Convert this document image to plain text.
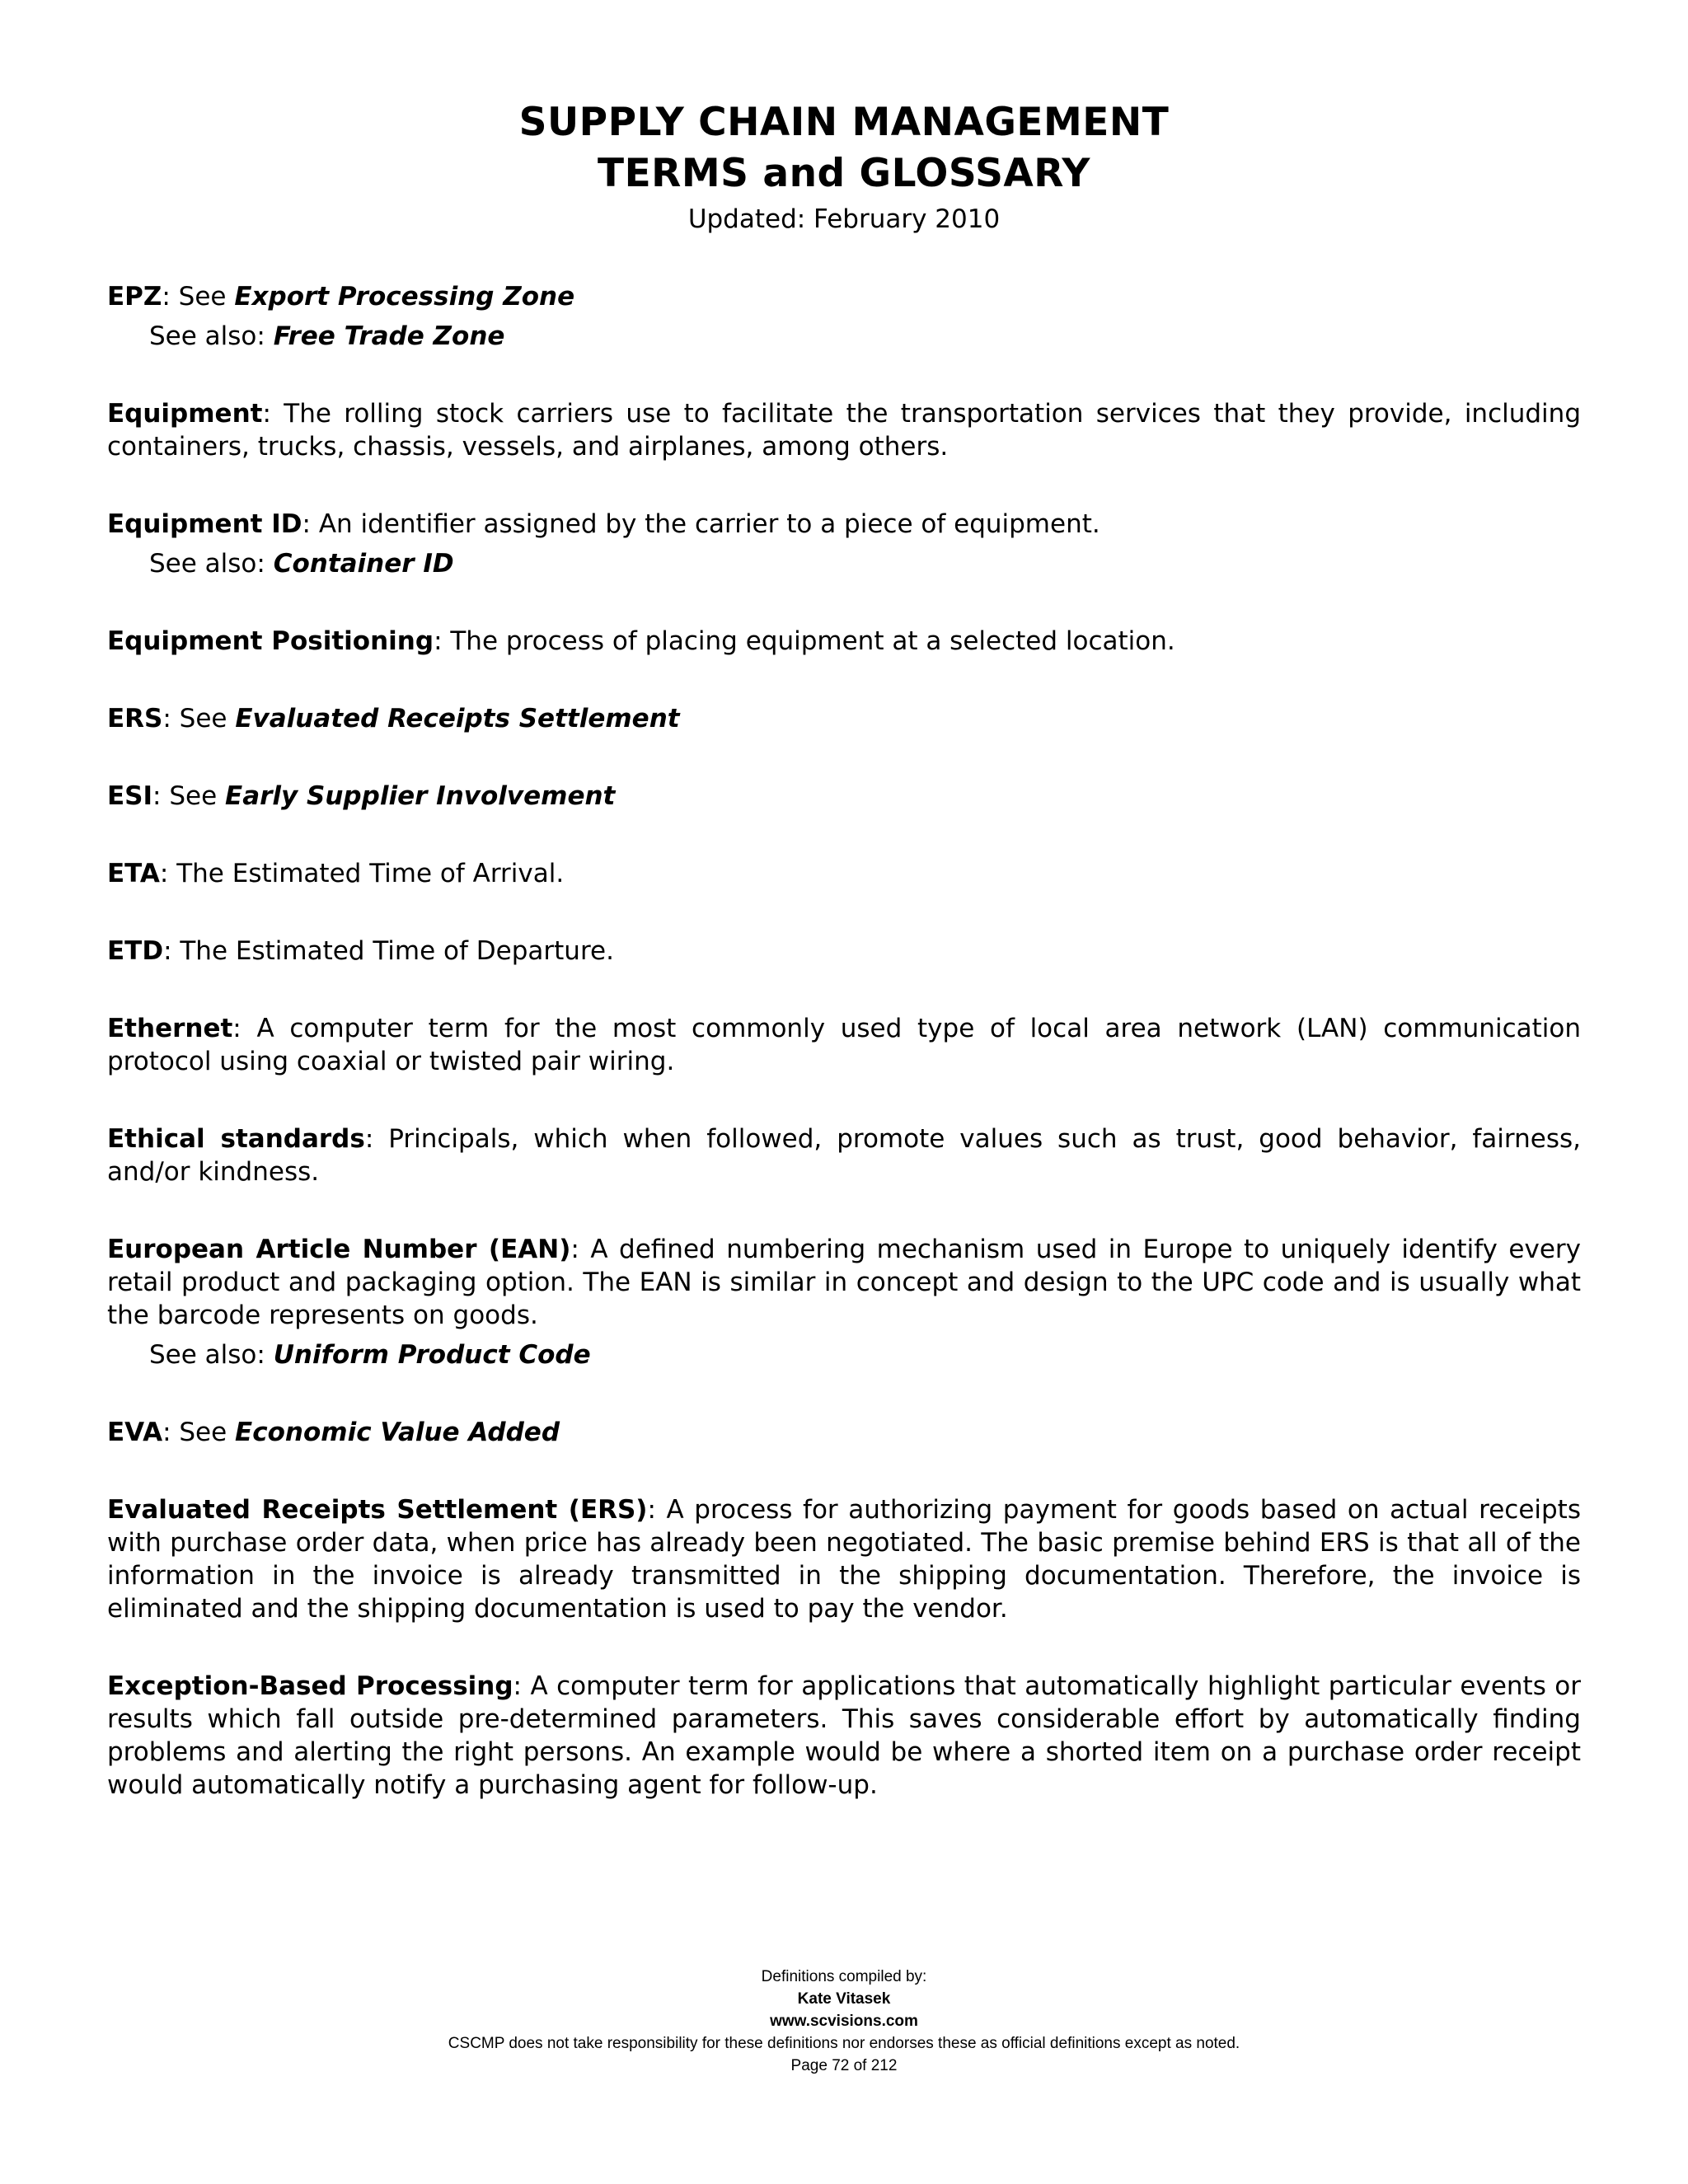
SUPPLY CHAIN MANAGEMENT
TERMS and GLOSSARY
Updated: February 2010
EPZ: See Export Processing Zone
See also: Free Trade Zone
Equipment: The rolling stock carriers use to facilitate the transportation services that they provide, including containers, trucks, chassis, vessels, and airplanes, among others.
Equipment ID: An identifier assigned by the carrier to a piece of equipment.
See also: Container ID
Equipment Positioning: The process of placing equipment at a selected location.
ERS: See Evaluated Receipts Settlement
ESI: See Early Supplier Involvement
ETA: The Estimated Time of Arrival.
ETD: The Estimated Time of Departure.
Ethernet: A computer term for the most commonly used type of local area network (LAN) communication protocol using coaxial or twisted pair wiring.
Ethical standards: Principals, which when followed, promote values such as trust, good behavior, fairness, and/or kindness.
European Article Number (EAN): A defined numbering mechanism used in Europe to uniquely identify every retail product and packaging option. The EAN is similar in concept and design to the UPC code and is usually what the barcode represents on goods.
See also: Uniform Product Code
EVA: See Economic Value Added
Evaluated Receipts Settlement (ERS): A process for authorizing payment for goods based on actual receipts with purchase order data, when price has already been negotiated. The basic premise behind ERS is that all of the information in the invoice is already transmitted in the shipping documentation. Therefore, the invoice is eliminated and the shipping documentation is used to pay the vendor.
Exception-Based Processing: A computer term for applications that automatically highlight particular events or results which fall outside pre-determined parameters. This saves considerable effort by automatically finding problems and alerting the right persons. An example would be where a shorted item on a purchase order receipt would automatically notify a purchasing agent for follow-up.
Definitions compiled by:
Kate Vitasek
www.scvisions.com
CSCMP does not take responsibility for these definitions nor endorses these as official definitions except as noted.
Page 72 of 212
